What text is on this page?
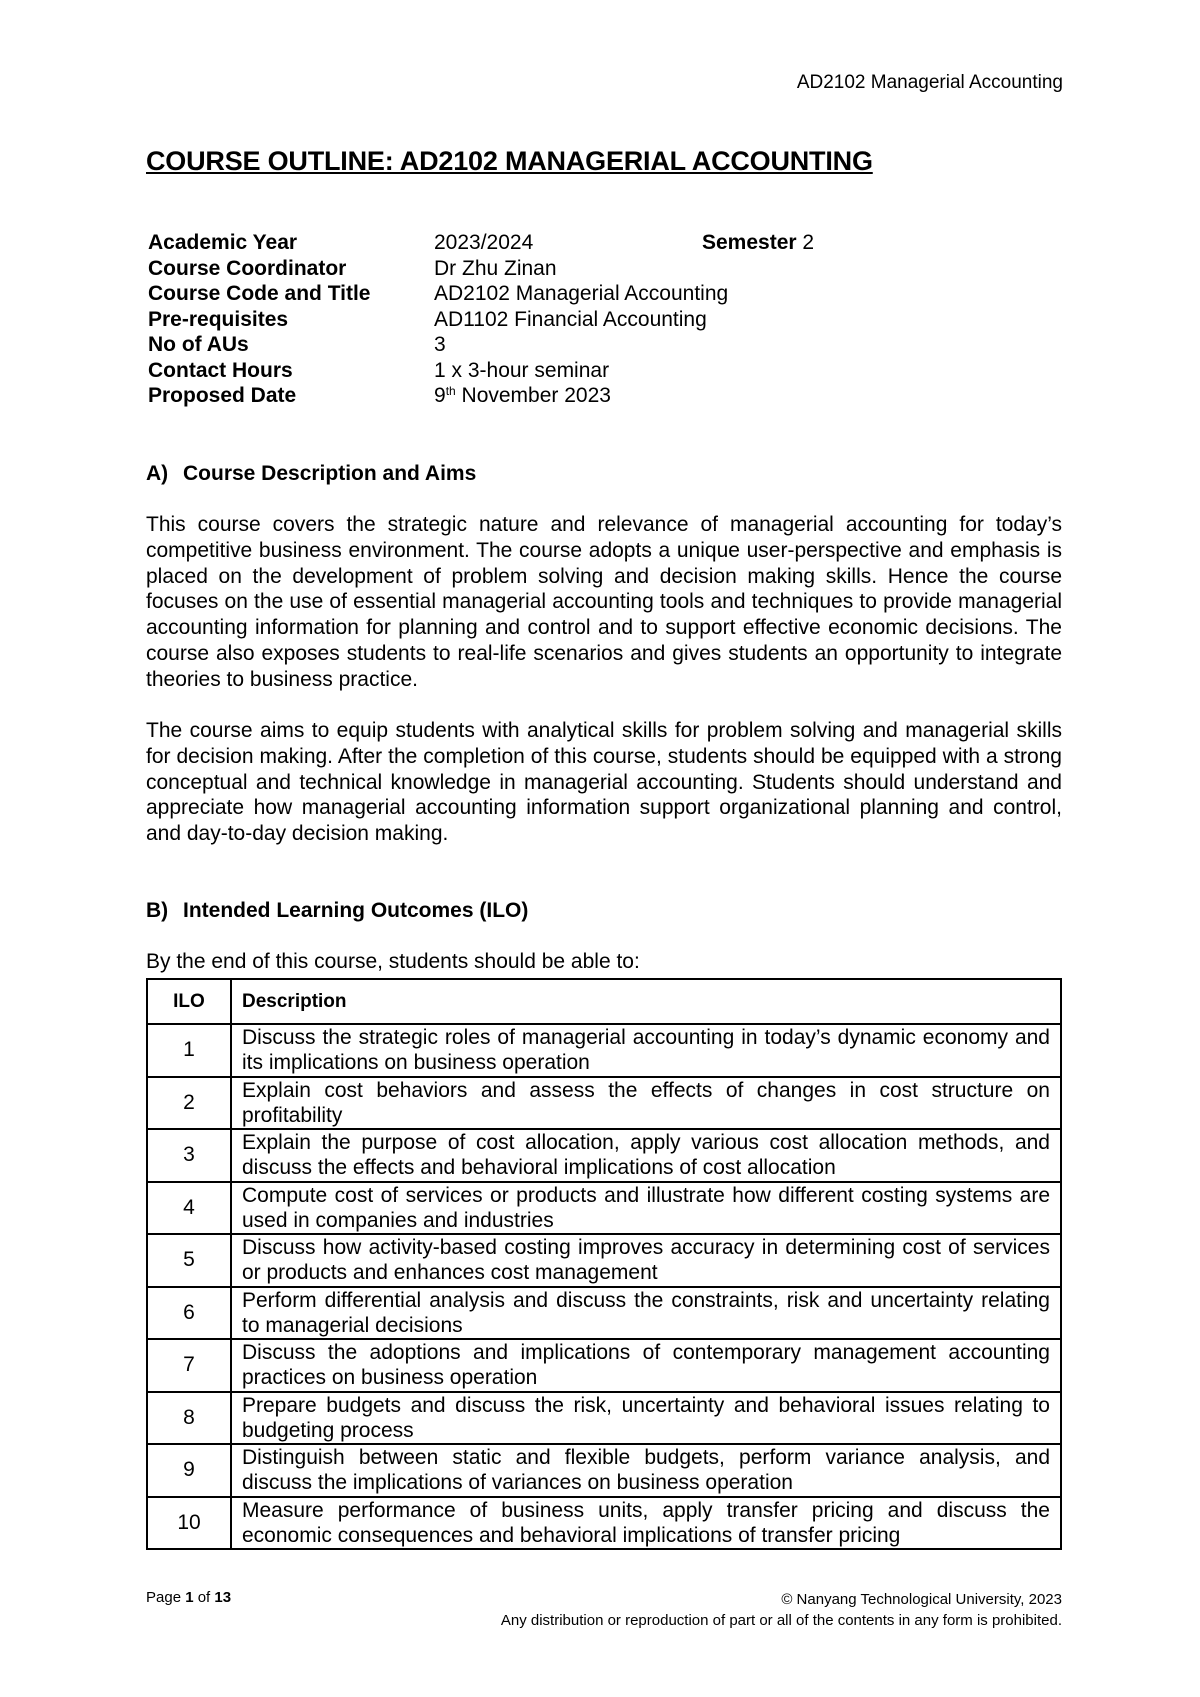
AD2102 Managerial Accounting
COURSE OUTLINE: AD2102 MANAGERIAL ACCOUNTING
Academic Year	2023/2024	Semester 2
Course Coordinator	Dr Zhu Zinan
Course Code and Title	AD2102 Managerial Accounting
Pre-requisites	AD1102 Financial Accounting
No of AUs	3
Contact Hours	1 x 3-hour seminar
Proposed Date	9th November 2023
A) Course Description and Aims

This course covers the strategic nature and relevance of managerial accounting for today’s competitive business environment. The course adopts a unique user-perspective and emphasis is placed on the development of problem solving and decision making skills. Hence the course focuses on the use of essential managerial accounting tools and techniques to provide managerial accounting information for planning and control and to support effective economic decisions. The course also exposes students to real-life scenarios and gives students an opportunity to integrate theories to business practice.

The course aims to equip students with analytical skills for problem solving and managerial skills for decision making. After the completion of this course, students should be equipped with a strong conceptual and technical knowledge in managerial accounting. Students should understand and appreciate how managerial accounting information support organizational planning and control, and day-to-day decision making.

B) Intended Learning Outcomes (ILO)
By the end of this course, students should be able to:
ILO	Description
1	Discuss the strategic roles of managerial accounting in today’s dynamic economy and its implications on business operation
2	Explain cost behaviors and assess the effects of changes in cost structure on profitability
3	Explain the purpose of cost allocation, apply various cost allocation methods, and discuss the effects and behavioral implications of cost allocation
4	Compute cost of services or products and illustrate how different costing systems are used in companies and industries
5	Discuss how activity-based costing improves accuracy in determining cost of services or products and enhances cost management
6	Perform differential analysis and discuss the constraints, risk and uncertainty relating to managerial decisions
7	Discuss the adoptions and implications of contemporary management accounting practices on business operation
8	Prepare budgets and discuss the risk, uncertainty and behavioral issues relating to budgeting process
9	Distinguish between static and flexible budgets, perform variance analysis, and discuss the implications of variances on business operation
10	Measure performance of business units, apply transfer pricing and discuss the economic consequences and behavioral implications of transfer pricing
Page 1 of 13	© Nanyang Technological University, 2023
Any distribution or reproduction of part or all of the contents in any form is prohibited.
